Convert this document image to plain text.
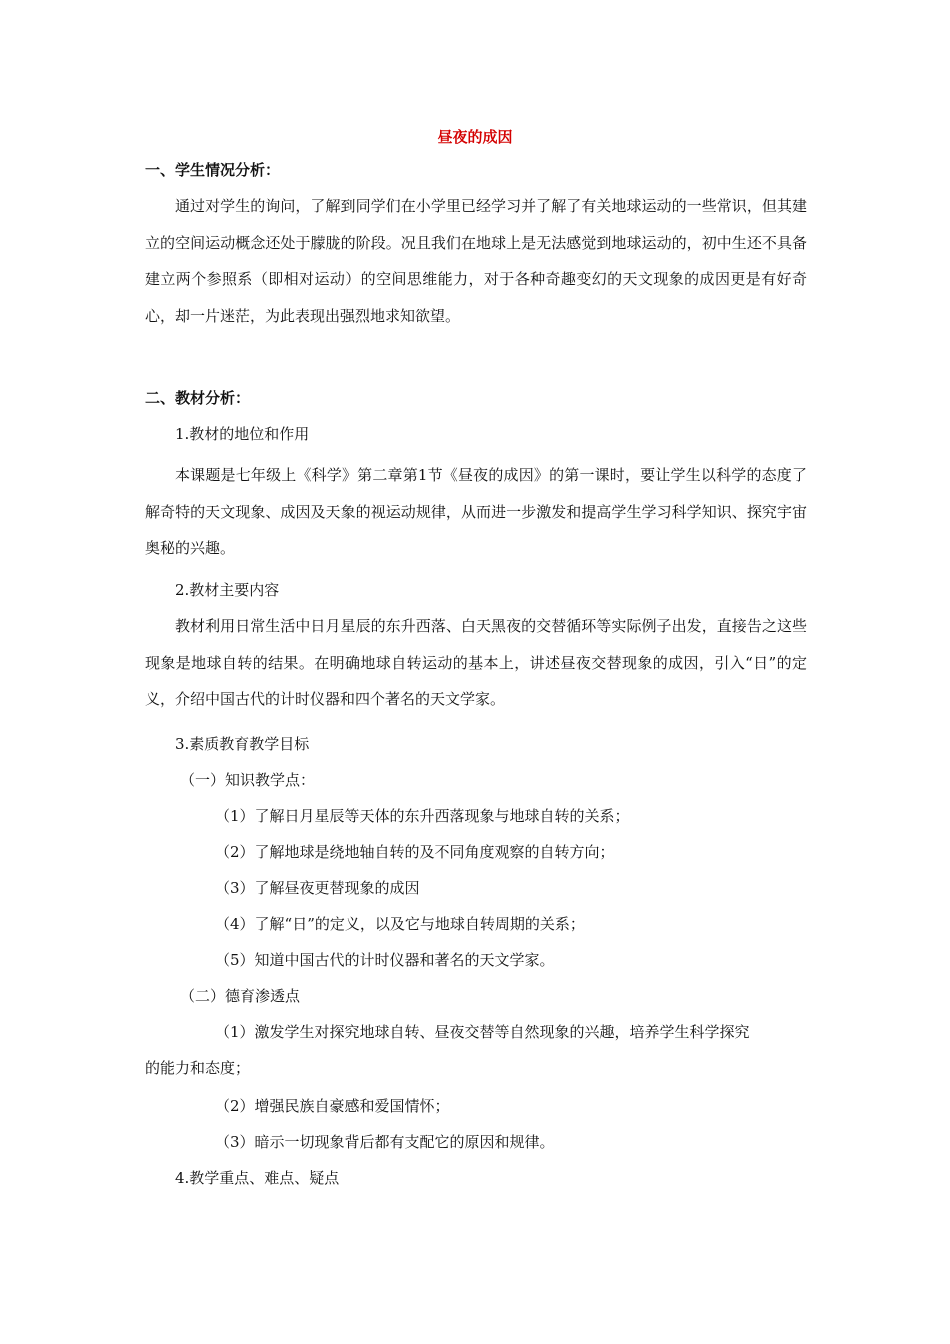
昼夜的成因
一、学生情况分析：
通过对学生的询问，了解到同学们在小学里已经学习并了解了有关地球运动的一些常识，但其建立的空间运动概念还处于朦胧的阶段。况且我们在地球上是无法感觉到地球运动的，初中生还不具备建立两个参照系（即相对运动）的空间思维能力，对于各种奇趣变幻的天文现象的成因更是有好奇心，却一片迷茫，为此表现出强烈地求知欲望。
二、教材分析：
1.教材的地位和作用
本课题是七年级上《科学》第二章第1节《昼夜的成因》的第一课时，要让学生以科学的态度了解奇特的天文现象、成因及天象的视运动规律，从而进一步激发和提高学生学习科学知识、探究宇宙奥秘的兴趣。
2.教材主要内容
教材利用日常生活中日月星辰的东升西落、白天黑夜的交替循环等实际例子出发，直接告之这些现象是地球自转的结果。在明确地球自转运动的基本上，讲述昼夜交替现象的成因，引入“日”的定义，介绍中国古代的计时仪器和四个著名的天文学家。
3.素质教育教学目标
（一）知识教学点：
（1）了解日月星辰等天体的东升西落现象与地球自转的关系；
（2）了解地球是绕地轴自转的及不同角度观察的自转方向；
（3）了解昼夜更替现象的成因
（4）了解“日”的定义，以及它与地球自转周期的关系；
（5）知道中国古代的计时仪器和著名的天文学家。
（二）德育渗透点
（1）激发学生对探究地球自转、昼夜交替等自然现象的兴趣，培养学生科学探究
的能力和态度；
（2）增强民族自豪感和爱国情怀；
（3）暗示一切现象背后都有支配它的原因和规律。
4.教学重点、难点、疑点
